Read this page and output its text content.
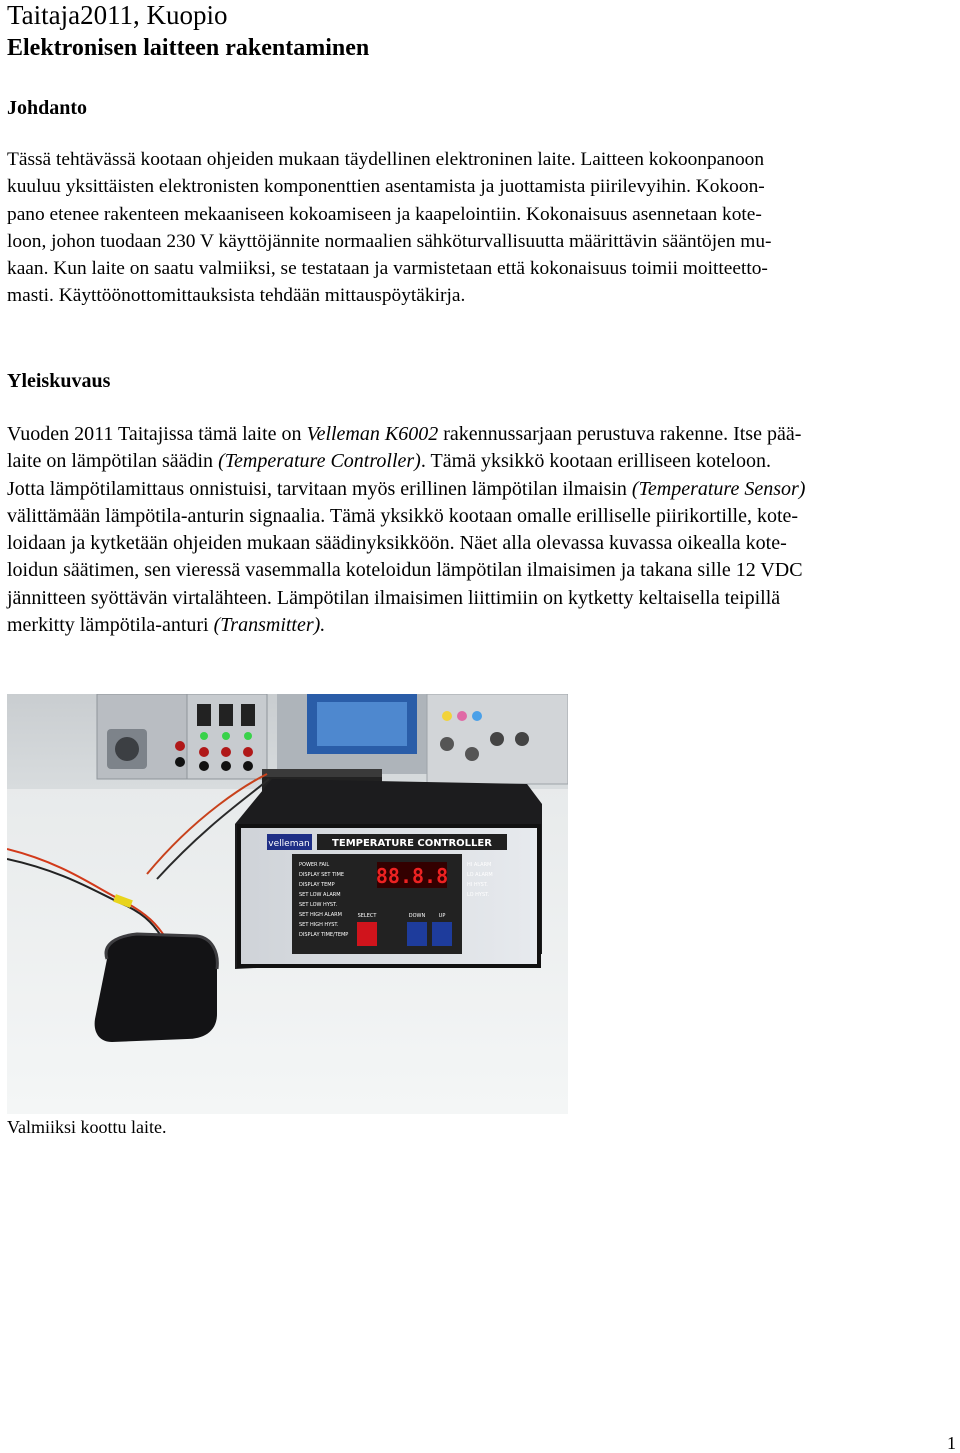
Taitaja2011, Kuopio
Elektronisen laitteen rakentaminen
Johdanto
Tässä tehtävässä kootaan ohjeiden mukaan täydellinen elektroninen laite. Laitteen kokoonpanoon
kuuluu yksittäisten elektronisten komponenttien asentamista ja juottamista piirilevyihin. Kokoon-
pano etenee rakenteen mekaaniseen kokoamiseen ja kaapelointiin. Kokonaisuus asennetaan kote-
loon, johon tuodaan 230 V käyttöjännite normaalien sähköturvallisuutta määrittävin sääntöjen mu-
kaan. Kun laite on saatu valmiiksi, se testataan ja varmistetaan että kokonaisuus toimii moitteetto-
masti. Käyttöönottomittauksista tehdään mittauspöytäkirja.
Yleiskuvaus
Vuoden 2011 Taitajissa tämä laite on Velleman K6002 rakennussarjaan perustuva rakenne. Itse pää-
laite on lämpötilan säädin (Temperature Controller). Tämä yksikkö kootaan erilliseen koteloon.
Jotta lämpötilamittaus onnistuisi, tarvitaan myös erillinen lämpötilan ilmaisin (Temperature Sensor)
välittämään lämpötila-anturin signaalia. Tämä yksikkö kootaan omalle erilliselle piirikortille, kote-
loidaan ja kytketään ohjeiden mukaan säädinyksikköön. Näet alla olevassa kuvassa oikealla kote-
loidun säätimen, sen vieressä vasemmalla koteloidun lämpötilan ilmaisimen ja takana sille 12 VDC
jännitteen syöttävän virtalähteen. Lämpötilan ilmaisimen liittimiin on kytketty keltaisella teipillä
merkitty lämpötila-anturi (Transmitter).
velleman TEMPERATURE CONTROLLER
88.8.8
POWER FAIL
DISPLAY SET TIME
DISPLAY TEMP
SET LOW ALARM
SET LOW HYST.
SET HIGH ALARM
SET HIGH HYST.
DISPLAY TIME/TEMP
SELECT	DOWN	UP
HI ALARM
LO ALARM
HI HYST.
LO HYST.
Valmiiksi koottu laite.
1
